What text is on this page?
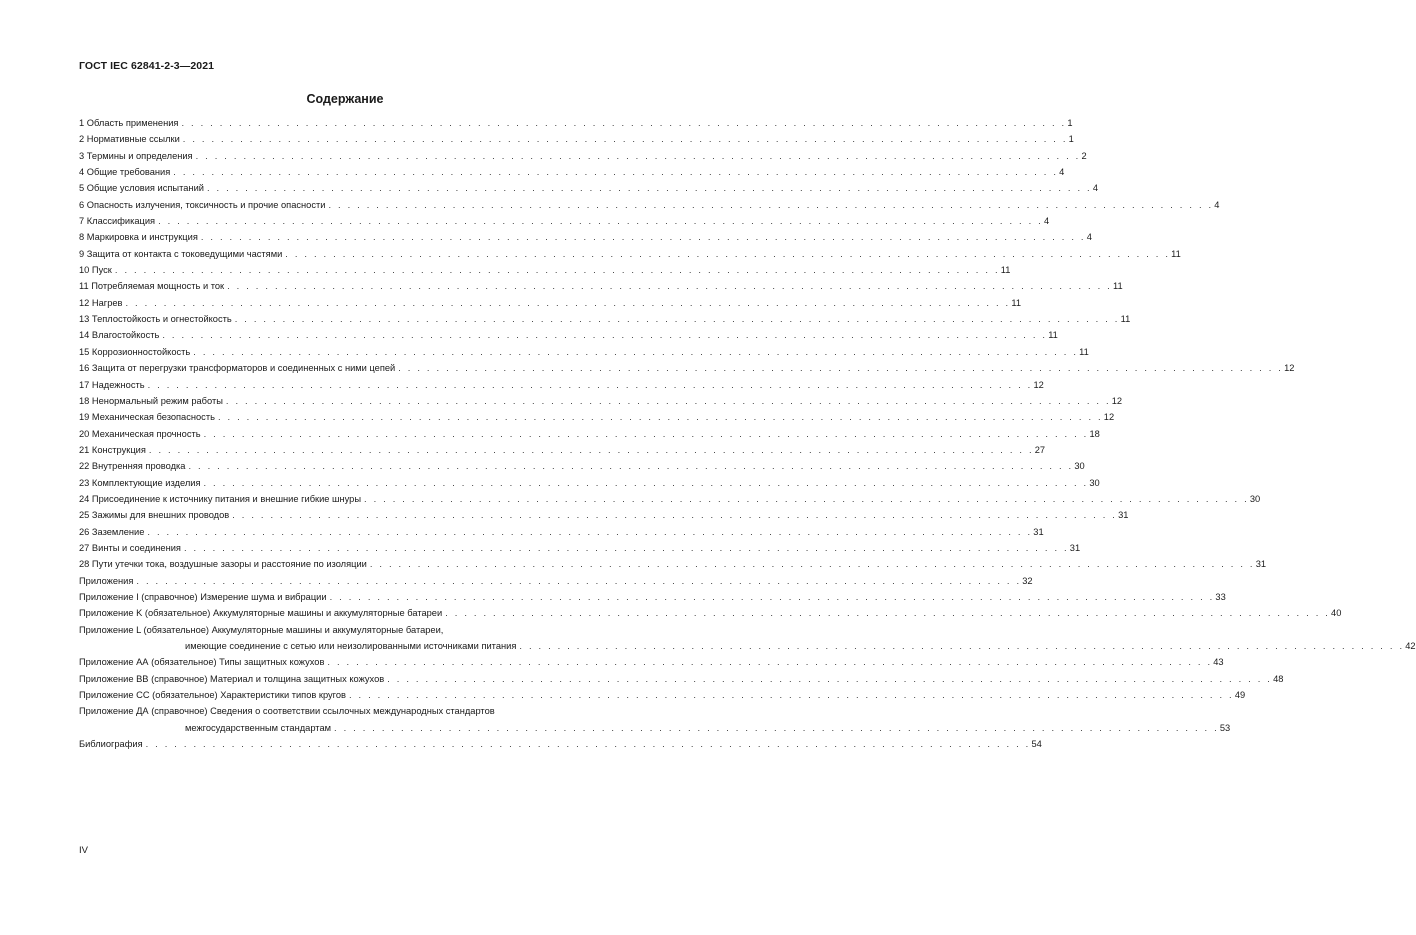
ГОСТ IEC 62841-2-3—2021
Содержание
1 Область применения . . . . . . . . . . . . . . . . . . . . . . . . . . . . . . . . . . . . . . . . . . . . . . . . . . . . . . . . . . . . . . . . . . . . . . . . . . . . . . . . . . . . . . . . . . . . . 1
2 Нормативные ссылки . . . . . . . . . . . . . . . . . . . . . . . . . . . . . . . . . . . . . . . . . . . . . . . . . . . . . . . . . . . . . . . . . . . . . . . . . . . . . . . . . . . . . . . . . . . . . 1
3 Термины и определения . . . . . . . . . . . . . . . . . . . . . . . . . . . . . . . . . . . . . . . . . . . . . . . . . . . . . . . . . . . . . . . . . . . . . . . . . . . . . . . . . . . . . . . . . . . . . 2
4 Общие требования . . . . . . . . . . . . . . . . . . . . . . . . . . . . . . . . . . . . . . . . . . . . . . . . . . . . . . . . . . . . . . . . . . . . . . . . . . . . . . . . . . . . . . . . . . . . . 4
5 Общие условия испытаний . . . . . . . . . . . . . . . . . . . . . . . . . . . . . . . . . . . . . . . . . . . . . . . . . . . . . . . . . . . . . . . . . . . . . . . . . . . . . . . . . . . . . . . . . . . . . 4
6 Опасность излучения, токсичность и прочие опасности . . . . . . . . . . . . . . . . . . . . . . . . . . . . . . . . . . . . . . . . . . . . . . . . . . . . . . . . . . . . . . . . . . . . . . . . . . . . . . . . . . . . . . . . . . . . . 4
7 Классификация . . . . . . . . . . . . . . . . . . . . . . . . . . . . . . . . . . . . . . . . . . . . . . . . . . . . . . . . . . . . . . . . . . . . . . . . . . . . . . . . . . . . . . . . . . . . . 4
8 Маркировка и инструкция . . . . . . . . . . . . . . . . . . . . . . . . . . . . . . . . . . . . . . . . . . . . . . . . . . . . . . . . . . . . . . . . . . . . . . . . . . . . . . . . . . . . . . . . . . . . . 4
9 Защита от контакта с токоведущими частями . . . . . . . . . . . . . . . . . . . . . . . . . . . . . . . . . . . . . . . . . . . . . . . . . . . . . . . . . . . . . . . . . . . . . . . . . . . . . . . . . . . . . . . . . . . . . 11
10 Пуск . . . . . . . . . . . . . . . . . . . . . . . . . . . . . . . . . . . . . . . . . . . . . . . . . . . . . . . . . . . . . . . . . . . . . . . . . . . . . . . . . . . . . . . . . . . . . 11
11 Потребляемая мощность и ток . . . . . . . . . . . . . . . . . . . . . . . . . . . . . . . . . . . . . . . . . . . . . . . . . . . . . . . . . . . . . . . . . . . . . . . . . . . . . . . . . . . . . . . . . . . . . 11
12 Нагрев . . . . . . . . . . . . . . . . . . . . . . . . . . . . . . . . . . . . . . . . . . . . . . . . . . . . . . . . . . . . . . . . . . . . . . . . . . . . . . . . . . . . . . . . . . . . . 11
13 Теплостойкость и огнестойкость . . . . . . . . . . . . . . . . . . . . . . . . . . . . . . . . . . . . . . . . . . . . . . . . . . . . . . . . . . . . . . . . . . . . . . . . . . . . . . . . . . . . . . . . . . . . . 11
14 Влагостойкость . . . . . . . . . . . . . . . . . . . . . . . . . . . . . . . . . . . . . . . . . . . . . . . . . . . . . . . . . . . . . . . . . . . . . . . . . . . . . . . . . . . . . . . . . . . . . 11
15 Коррозионностойкость . . . . . . . . . . . . . . . . . . . . . . . . . . . . . . . . . . . . . . . . . . . . . . . . . . . . . . . . . . . . . . . . . . . . . . . . . . . . . . . . . . . . . . . . . . . . . 11
16 Защита от перегрузки трансформаторов и соединенных с ними цепей . . . . . . . . . . . . . . . . . . . . . . . . . . . . . . . . . . . . . . . . . . . . . . . . . . . . . . . . . . . . . . . . . . . . . . . . . . . . . . . . . . . . . . . . . . . . . 12
17 Надежность . . . . . . . . . . . . . . . . . . . . . . . . . . . . . . . . . . . . . . . . . . . . . . . . . . . . . . . . . . . . . . . . . . . . . . . . . . . . . . . . . . . . . . . . . . . . . 12
18 Ненормальный режим работы . . . . . . . . . . . . . . . . . . . . . . . . . . . . . . . . . . . . . . . . . . . . . . . . . . . . . . . . . . . . . . . . . . . . . . . . . . . . . . . . . . . . . . . . . . . . . 12
19 Механическая безопасность . . . . . . . . . . . . . . . . . . . . . . . . . . . . . . . . . . . . . . . . . . . . . . . . . . . . . . . . . . . . . . . . . . . . . . . . . . . . . . . . . . . . . . . . . . . . . 12
20 Механическая прочность . . . . . . . . . . . . . . . . . . . . . . . . . . . . . . . . . . . . . . . . . . . . . . . . . . . . . . . . . . . . . . . . . . . . . . . . . . . . . . . . . . . . . . . . . . . . . 18
21 Конструкция . . . . . . . . . . . . . . . . . . . . . . . . . . . . . . . . . . . . . . . . . . . . . . . . . . . . . . . . . . . . . . . . . . . . . . . . . . . . . . . . . . . . . . . . . . . . . 27
22 Внутренняя проводка . . . . . . . . . . . . . . . . . . . . . . . . . . . . . . . . . . . . . . . . . . . . . . . . . . . . . . . . . . . . . . . . . . . . . . . . . . . . . . . . . . . . . . . . . . . . . 30
23 Комплектующие изделия . . . . . . . . . . . . . . . . . . . . . . . . . . . . . . . . . . . . . . . . . . . . . . . . . . . . . . . . . . . . . . . . . . . . . . . . . . . . . . . . . . . . . . . . . . . . . 30
24 Присоединение к источнику питания и внешние гибкие шнуры . . . . . . . . . . . . . . . . . . . . . . . . . . . . . . . . . . . . . . . . . . . . . . . . . . . . . . . . . . . . . . . . . . . . . . . . . . . . . . . . . . . . . . . . . . . . . 30
25 Зажимы для внешних проводов . . . . . . . . . . . . . . . . . . . . . . . . . . . . . . . . . . . . . . . . . . . . . . . . . . . . . . . . . . . . . . . . . . . . . . . . . . . . . . . . . . . . . . . . . . . . . 31
26 Заземление . . . . . . . . . . . . . . . . . . . . . . . . . . . . . . . . . . . . . . . . . . . . . . . . . . . . . . . . . . . . . . . . . . . . . . . . . . . . . . . . . . . . . . . . . . . . . 31
27 Винты и соединения . . . . . . . . . . . . . . . . . . . . . . . . . . . . . . . . . . . . . . . . . . . . . . . . . . . . . . . . . . . . . . . . . . . . . . . . . . . . . . . . . . . . . . . . . . . . . 31
28 Пути утечки тока, воздушные зазоры и расстояние по изоляции . . . . . . . . . . . . . . . . . . . . . . . . . . . . . . . . . . . . . . . . . . . . . . . . . . . . . . . . . . . . . . . . . . . . . . . . . . . . . . . . . . . . . . . . . . . . . 31
Приложения . . . . . . . . . . . . . . . . . . . . . . . . . . . . . . . . . . . . . . . . . . . . . . . . . . . . . . . . . . . . . . . . . . . . . . . . . . . . . . . . . . . . . . . . . . . . . 32
Приложение I (справочное) Измерение шума и вибрации . . . . . . . . . . . . . . . . . . . . . . . . . . . . . . . . . . . . . . . . . . . . . . . . . . . . . . . . . . . . . . . . . . . . . . . . . . . . . . . . . . . . . . . . . . . . . 33
Приложение K (обязательное) Аккумуляторные машины и аккумуляторные батареи . . . . . . . . . . . . . . . . . . . . . . . . . . . . . . . . . . . . . . . . . . . . . . . . . . . . . . . . . . . . . . . . . . . . . . . . . . . . . . . . . . . . . . . . . . . . . 40
Приложение L (обязательное) Аккумуляторные машины и аккумуляторные батареи,
имеющие соединение с сетью или неизолированными источниками питания . . . . . . . . . . . . . . . . . . . . . . . . . . . . . . . . . . . . . . . . . . . . . . . . . . . . . . . . . . . . . . . . . . . . . . . . . . . . . . . . . . . . . . . . . . . . . 42
Приложение АА (обязательное) Типы защитных кожухов . . . . . . . . . . . . . . . . . . . . . . . . . . . . . . . . . . . . . . . . . . . . . . . . . . . . . . . . . . . . . . . . . . . . . . . . . . . . . . . . . . . . . . . . . . . . . 43
Приложение ВВ (справочное) Материал и толщина защитных кожухов . . . . . . . . . . . . . . . . . . . . . . . . . . . . . . . . . . . . . . . . . . . . . . . . . . . . . . . . . . . . . . . . . . . . . . . . . . . . . . . . . . . . . . . . . . . . . 48
Приложение СС (обязательное) Характеристики типов кругов . . . . . . . . . . . . . . . . . . . . . . . . . . . . . . . . . . . . . . . . . . . . . . . . . . . . . . . . . . . . . . . . . . . . . . . . . . . . . . . . . . . . . . . . . . . . . 49
Приложение ДА (справочное) Сведения о соответствии ссылочных международных стандартов
межгосударственным стандартам . . . . . . . . . . . . . . . . . . . . . . . . . . . . . . . . . . . . . . . . . . . . . . . . . . . . . . . . . . . . . . . . . . . . . . . . . . . . . . . . . . . . . . . . . . . . . 53
Библиография . . . . . . . . . . . . . . . . . . . . . . . . . . . . . . . . . . . . . . . . . . . . . . . . . . . . . . . . . . . . . . . . . . . . . . . . . . . . . . . . . . . . . . . . . . . . . 54
IV
